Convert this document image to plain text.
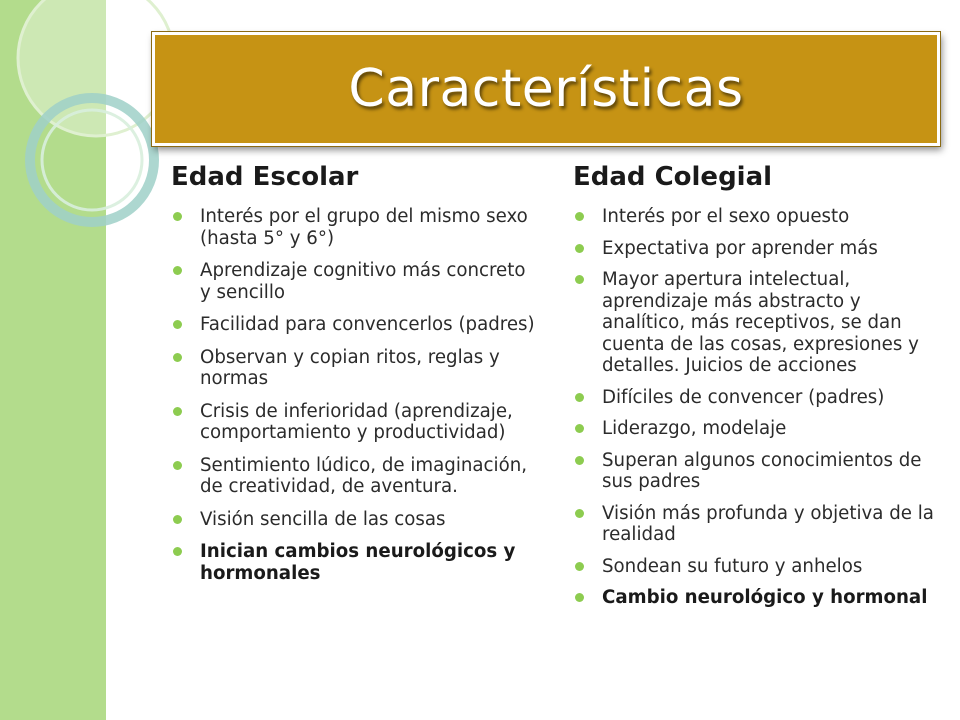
Características
Edad Escolar
Interés por el grupo del mismo sexo (hasta 5° y 6°)
Aprendizaje cognitivo más concreto y sencillo
Facilidad para convencerlos (padres)
Observan y copian ritos, reglas y normas
Crisis de inferioridad (aprendizaje, comportamiento y productividad)
Sentimiento lúdico, de imaginación, de creatividad, de aventura.
Visión sencilla de las cosas
Inician cambios neurológicos y hormonales
Edad Colegial
Interés por el sexo opuesto
Expectativa por aprender más
Mayor apertura intelectual, aprendizaje más abstracto y analítico, más receptivos, se dan cuenta de las cosas, expresiones y detalles. Juicios de acciones
Difíciles de convencer (padres)
Liderazgo, modelaje
Superan algunos conocimientos de sus padres
Visión más profunda y objetiva de la realidad
Sondean su futuro y anhelos
Cambio neurológico y hormonal
